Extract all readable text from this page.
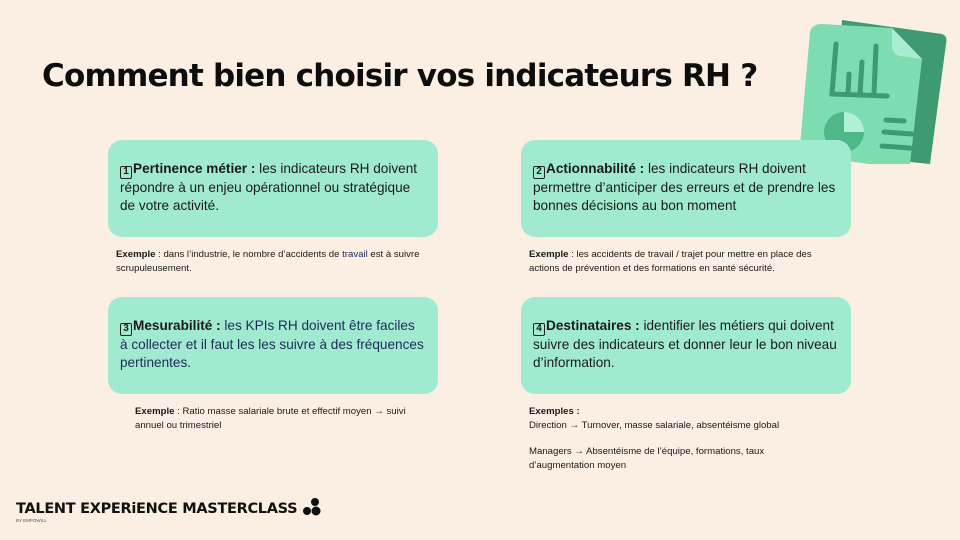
Comment bien choisir vos indicateurs RH ?
1 Pertinence métier : les indicateurs RH doivent répondre à un enjeu opérationnel ou stratégique de votre activité.
2 Actionnabilité : les indicateurs RH doivent permettre d’anticiper des erreurs et de prendre les bonnes décisions au bon moment
3 Mesurabilité : les KPIs RH doivent être faciles à collecter et il faut les les suivre à des fréquences pertinentes.
4 Destinataires : identifier les métiers qui doivent suivre des indicateurs et donner leur le bon niveau d’information.
Exemple : dans l’industrie, le nombre d’accidents de travail est à suivre scrupuleusement.
Exemple : les accidents de travail / trajet pour mettre en place des actions de prévention et des formations en santé sécurité.
Exemple : Ratio masse salariale brute et effectif moyen → suivi annuel ou trimestriel
Exemples :
Direction → Turnover, masse salariale, absentéisme global
Managers → Absentéisme de l’équipe, formations, taux d’augmentation moyen
TALENT EXPERiENCE MASTERCLASS
BY EMPOWILL
